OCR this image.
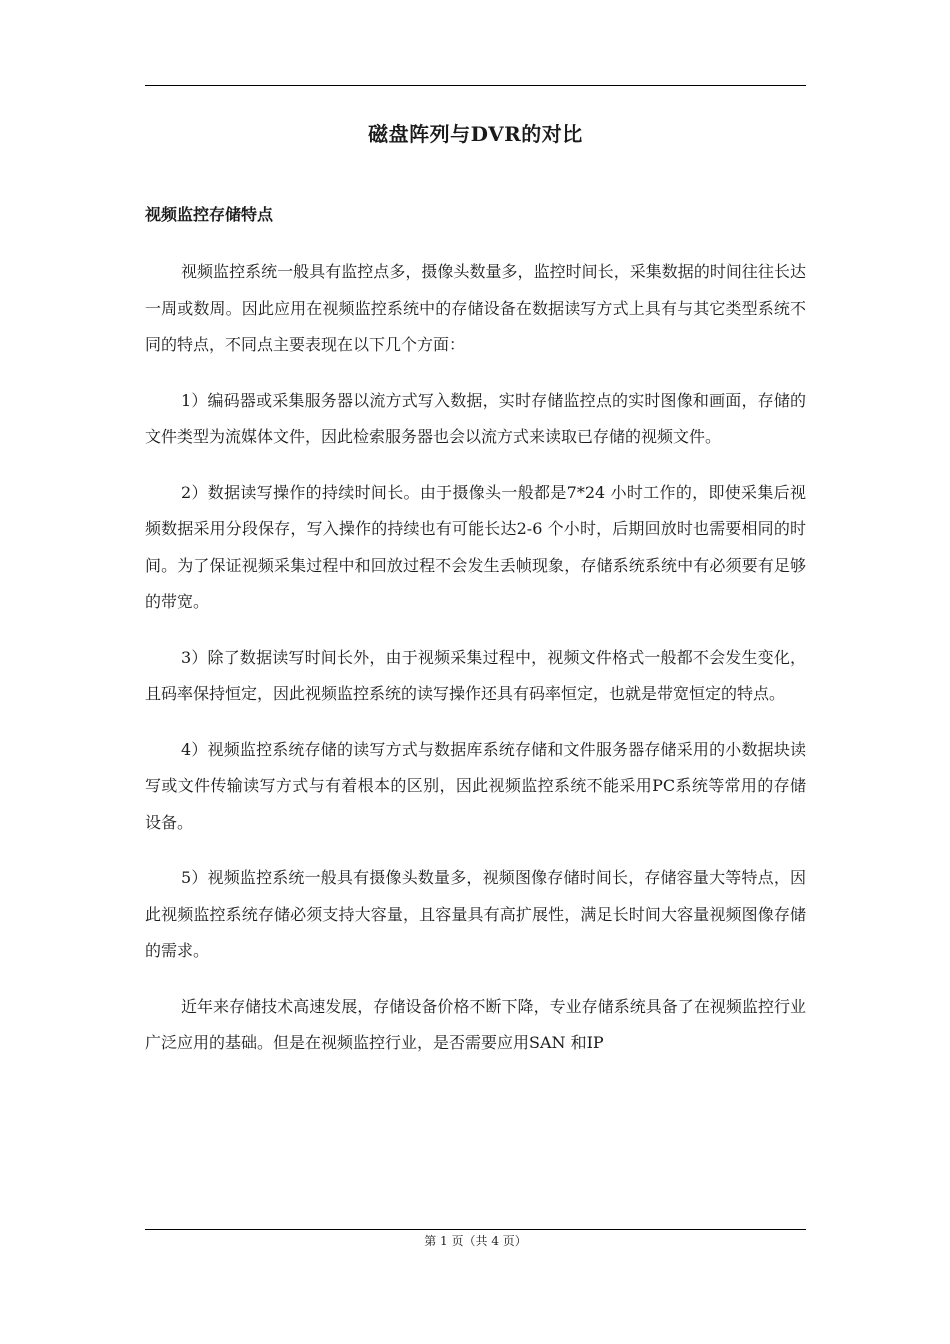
磁盘阵列与DVR的对比
视频监控存储特点

视频监控系统一般具有监控点多，摄像头数量多，监控时间长，采集数据的时间往往长达一周或数周。因此应用在视频监控系统中的存储设备在数据读写方式上具有与其它类型系统不同的特点，不同点主要表现在以下几个方面：

1）编码器或采集服务器以流方式写入数据，实时存储监控点的实时图像和画面，存储的文件类型为流媒体文件，因此检索服务器也会以流方式来读取已存储的视频文件。

2）数据读写操作的持续时间长。由于摄像头一般都是7*24 小时工作的，即使采集后视频数据采用分段保存，写入操作的持续也有可能长达2-6 个小时，后期回放时也需要相同的时间。为了保证视频采集过程中和回放过程不会发生丢帧现象，存储系统系统中有必须要有足够的带宽。

3）除了数据读写时间长外，由于视频采集过程中，视频文件格式一般都不会发生变化，且码率保持恒定，因此视频监控系统的读写操作还具有码率恒定，也就是带宽恒定的特点。

4）视频监控系统存储的读写方式与数据库系统存储和文件服务器存储采用的小数据块读写或文件传输读写方式与有着根本的区别，因此视频监控系统不能采用PC系统等常用的存储设备。

5）视频监控系统一般具有摄像头数量多，视频图像存储时间长，存储容量大等特点，因此视频监控系统存储必须支持大容量，且容量具有高扩展性，满足长时间大容量视频图像存储的需求。

近年来存储技术高速发展，存储设备价格不断下降，专业存储系统具备了在视频监控行业广泛应用的基础。但是在视频监控行业，是否需要应用SAN 和IP

第 1 页（共 4 页）
